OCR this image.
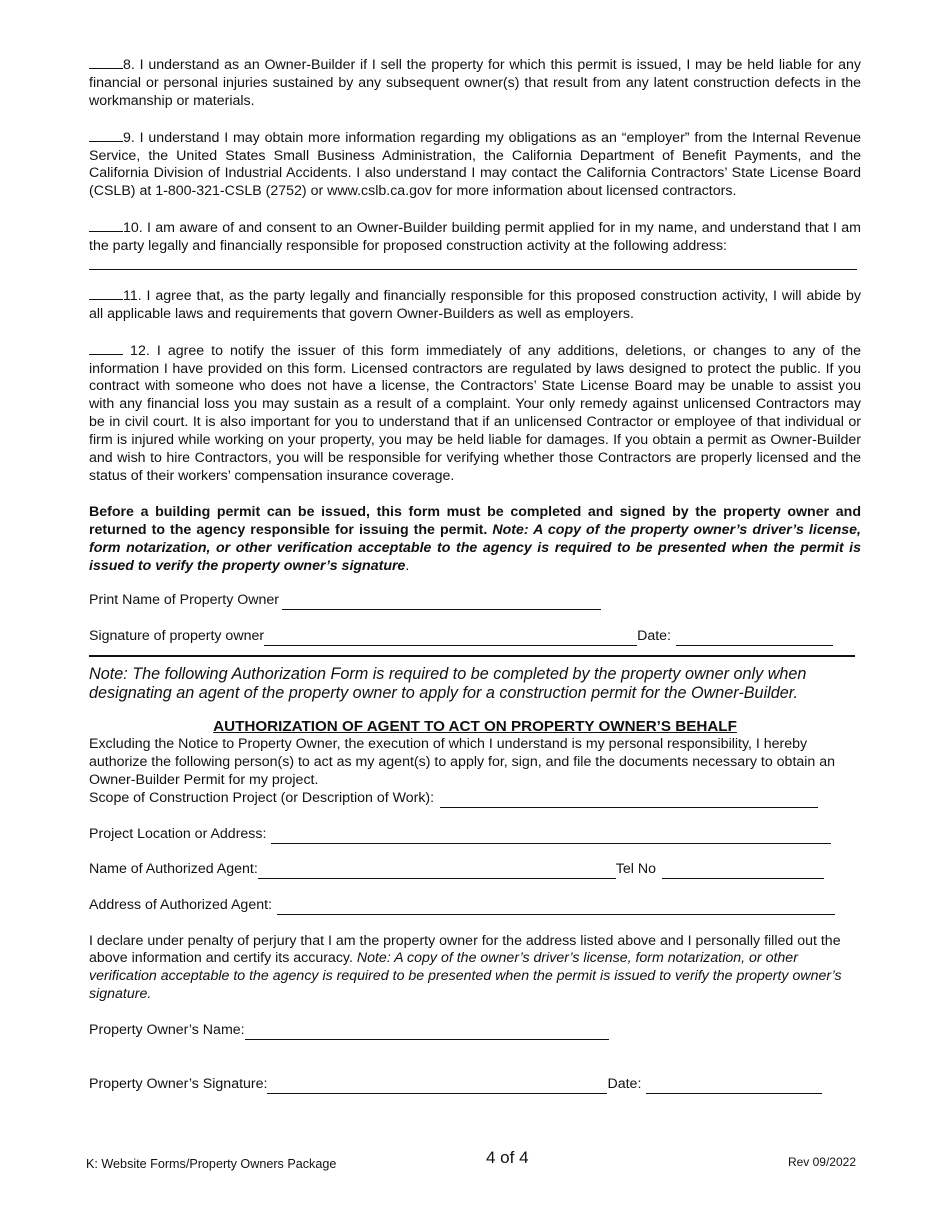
8. I understand as an Owner-Builder if I sell the property for which this permit is issued, I may be held liable for any financial or personal injuries sustained by any subsequent owner(s) that result from any latent construction defects in the workmanship or materials.

9. I understand I may obtain more information regarding my obligations as an “employer” from the Internal Revenue Service, the United States Small Business Administration, the California Department of Benefit Payments, and the California Division of Industrial Accidents. I also understand I may contact the California Contractors’ State License Board (CSLB) at 1-800-321-CSLB (2752) or www.cslb.ca.gov for more information about licensed contractors.

10. I am aware of and consent to an Owner-Builder building permit applied for in my name, and understand that I am the party legally and financially responsible for proposed construction activity at the following address:

11. I agree that, as the party legally and financially responsible for this proposed construction activity, I will abide by all applicable laws and requirements that govern Owner-Builders as well as employers.

12. I agree to notify the issuer of this form immediately of any additions, deletions, or changes to any of the information I have provided on this form. Licensed contractors are regulated by laws designed to protect the public. If you contract with someone who does not have a license, the Contractors’ State License Board may be unable to assist you with any financial loss you may sustain as a result of a complaint. Your only remedy against unlicensed Contractors may be in civil court. It is also important for you to understand that if an unlicensed Contractor or employee of that individual or firm is injured while working on your property, you may be held liable for damages. If you obtain a permit as Owner-Builder and wish to hire Contractors, you will be responsible for verifying whether those Contractors are properly licensed and the status of their workers’ compensation insurance coverage.

Before a building permit can be issued, this form must be completed and signed by the property owner and returned to the agency responsible for issuing the permit. Note: A copy of the property owner’s driver’s license, form notarization, or other verification acceptable to the agency is required to be presented when the permit is issued to verify the property owner’s signature.

Print Name of Property Owner
Signature of property owner	Date:

Note: The following Authorization Form is required to be completed by the property owner only when designating an agent of the property owner to apply for a construction permit for the Owner-Builder.

AUTHORIZATION OF AGENT TO ACT ON PROPERTY OWNER’S BEHALF

Excluding the Notice to Property Owner, the execution of which I understand is my personal responsibility, I hereby authorize the following person(s) to act as my agent(s) to apply for, sign, and file the documents necessary to obtain an Owner-Builder Permit for my project.

Scope of Construction Project (or Description of Work):
Project Location or Address:
Name of Authorized Agent:	Tel No
Address of Authorized Agent:

I declare under penalty of perjury that I am the property owner for the address listed above and I personally filled out the above information and certify its accuracy. Note: A copy of the owner’s driver’s license, form notarization, or other verification acceptable to the agency is required to be presented when the permit is issued to verify the property owner’s signature.

Property Owner’s Name:
Property Owner’s Signature:	Date:
K: Website Forms/Property Owners Package	4 of 4	Rev 09/2022
